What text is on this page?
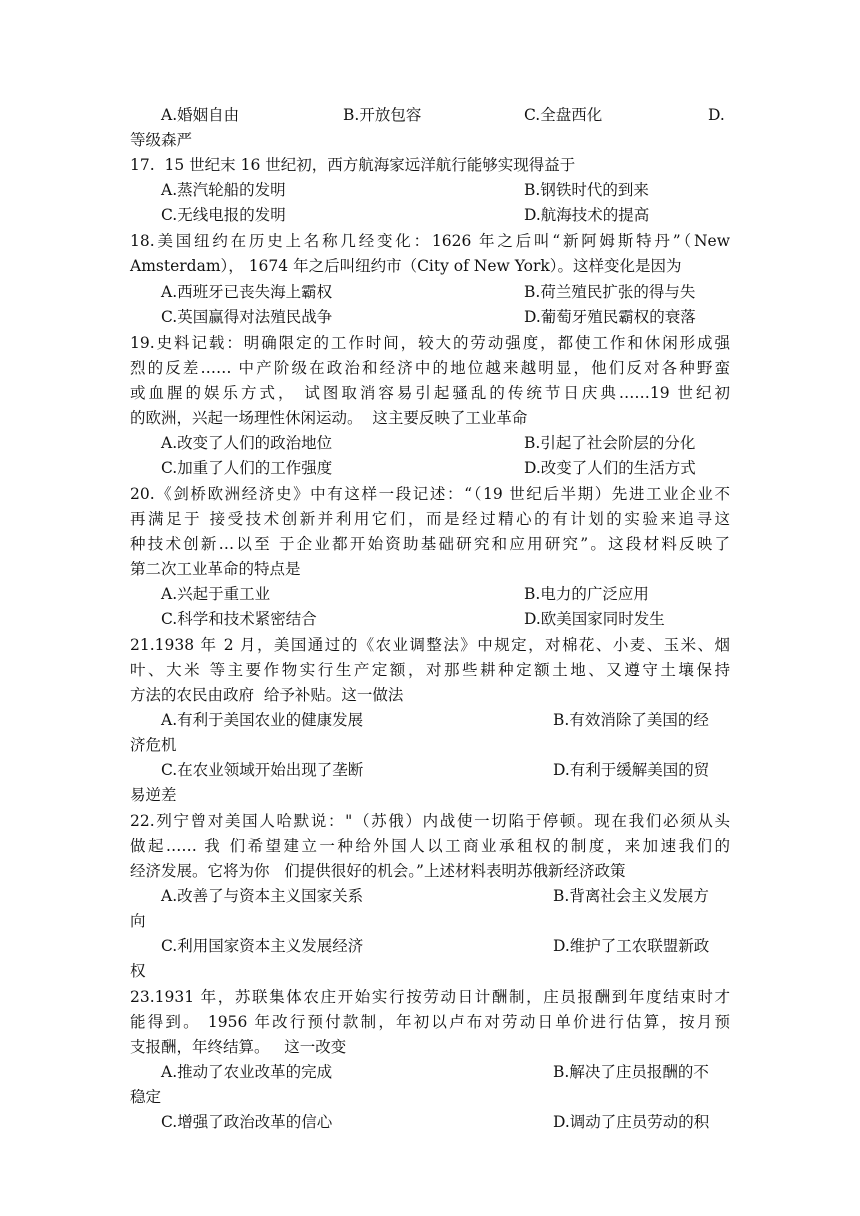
A.婚姻自由	B.开放包容	C.全盘西化	D.
等级森严
17.  15 世纪末 16 世纪初，西方航海家远洋航行能够实现得益于
A.蒸汽轮船的发明	B.钢铁时代的到来
C.无线电报的发明	D.航海技术的提高
18.美国纽约在历史上名称几经变化：1626 年之后叫“新阿姆斯特丹”（New
Amsterdam）， 1674 年之后叫纽约市（City of New York）。这样变化是因为
A.西班牙已丧失海上霸权	B.荷兰殖民扩张的得与失
C.英国赢得对法殖民战争	D.葡萄牙殖民霸权的衰落
19.史料记载：明确限定的工作时间，较大的劳动强度，都使工作和休闲形成强
烈的反差…… 中产阶级在政治和经济中的地位越来越明显，他们反对各种野蛮
或血腥的娱乐方式， 试图取消容易引起骚乱的传统节日庆典……19 世纪初
的欧洲，兴起一场理性休闲运动。  这主要反映了工业革命
A.改变了人们的政治地位	B.引起了社会阶层的分化
C.加重了人们的工作强度	D.改变了人们的生活方式
20.《剑桥欧洲经济史》中有这样一段记述：“（19 世纪后半期）先进工业企业不
再满足于 接受技术创新并利用它们，而是经过精心的有计划的实验来追寻这
种技术创新…以至 于企业都开始资助基础研究和应用研究”。这段材料反映了
第二次工业革命的特点是
A.兴起于重工业	B.电力的广泛应用
C.科学和技术紧密结合	D.欧美国家同时发生
21.1938 年 2 月，美国通过的《农业调整法》中规定，对棉花、小麦、玉米、烟
叶、大米 等主要作物实行生产定额，对那些耕种定额土地、又遵守土壤保持
方法的农民由政府  给予补贴。这一做法
A.有利于美国农业的健康发展	B.有效消除了美国的经
济危机
C.在农业领域开始出现了垄断	D.有利于缓解美国的贸
易逆差
22.列宁曾对美国人哈默说："（苏俄）内战使一切陷于停顿。现在我们必须从头
做起…… 我 们希望建立一种给外国人以工商业承租权的制度，来加速我们的
经济发展。它将为你   们提供很好的机会。”上述材料表明苏俄新经济政策
A.改善了与资本主义国家关系	B.背离社会主义发展方
向
C.利用国家资本主义发展经济	D.维护了工农联盟新政
权
23.1931 年，苏联集体农庄开始实行按劳动日计酬制，庄员报酬到年度结束时才
能得到。 1956 年改行预付款制，年初以卢布对劳动日单价进行估算，按月预
支报酬，年终结算。   这一改变
A.推动了农业改革的完成	B.解决了庄员报酬的不
稳定
C.增强了政治改革的信心	D.调动了庄员劳动的积
